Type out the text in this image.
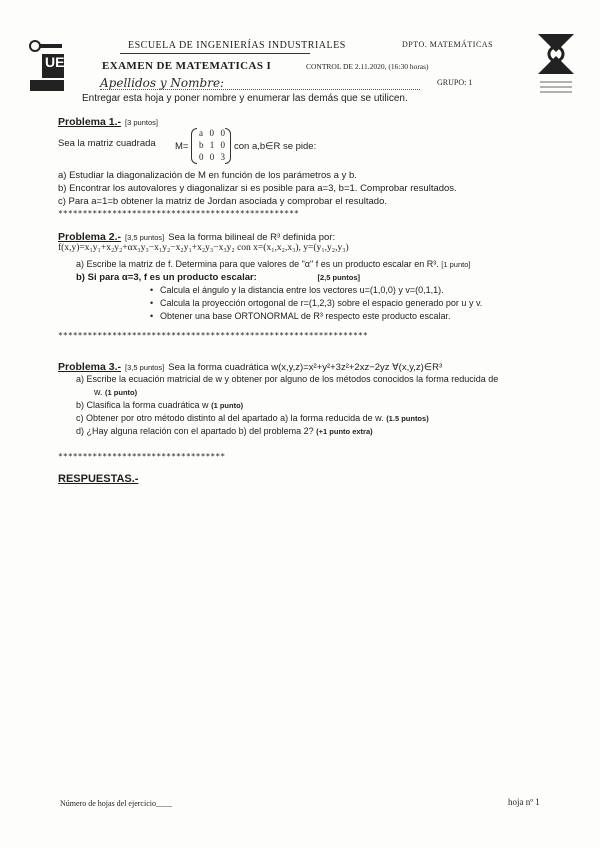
UEX
ESCUELA DE INGENIERÍAS INDUSTRIALES	DPTO. MATEMÁTICAS
EXAMEN DE MATEMATICAS I	CONTROL DE 2.11.2020, (16:30 horas)
Apellidos y Nombre:	GRUPO: 1
Entregar esta hoja y poner nombre y enumerar las demás que se utilicen.
Problema 1.- [3 puntos]
Sea la matriz cuadrada M=
a 0 0
b 1 0
0 0 3
con a,b∈R se pide:
a) Estudiar la diagonalización de M en función de los parámetros a y b.
b) Encontrar los autovalores y diagonalizar si es posible para a=3, b=1. Comprobar resultados.
c) Para a=1=b obtener la matriz de Jordan asociada y comprobar el resultado.
*************************************************
Problema 2.- [3,5 puntos] Sea la forma bilineal de R³ definida por:
f(x,y)=x₁y₁+x₂y₂+αx₃y₃−x₁y₂−x₂y₁+x₂y₃−x₃y₂ con x=(x₁,x₂,x₃), y=(y₁,y₂,y₃)
a) Escribe la matriz de f. Determina para que valores de "α" f es un producto escalar en R³. [1 punto]
b) Si para α=3, f es un producto escalar:	[2,5 puntos]
• Calcula el ángulo y la distancia entre los vectores u=(1,0,0) y v=(0,1,1).
• Calcula la proyección ortogonal de r=(1,2,3) sobre el espacio generado por u y v.
• Obtener una base ORTONORMAL de R³ respecto este producto escalar.
***************************************************************
Problema 3.- [3,5 puntos] Sea la forma cuadrática w(x,y,z)=x²+y²+3z²+2xz−2yz ∀(x,y,z)∈R³
a) Escribe la ecuación matricial de w y obtener por alguno de los métodos conocidos la forma reducida de
w. (1 punto)
b) Clasifica la forma cuadrática w (1 punto)
c) Obtener por otro método distinto al del apartado a) la forma reducida de w. (1.5 puntos)
d) ¿Hay alguna relación con el apartado b) del problema 2? (+1 punto extra)
**********************************
RESPUESTAS.-
Número de hojas del ejercicio____	hoja nº 1
